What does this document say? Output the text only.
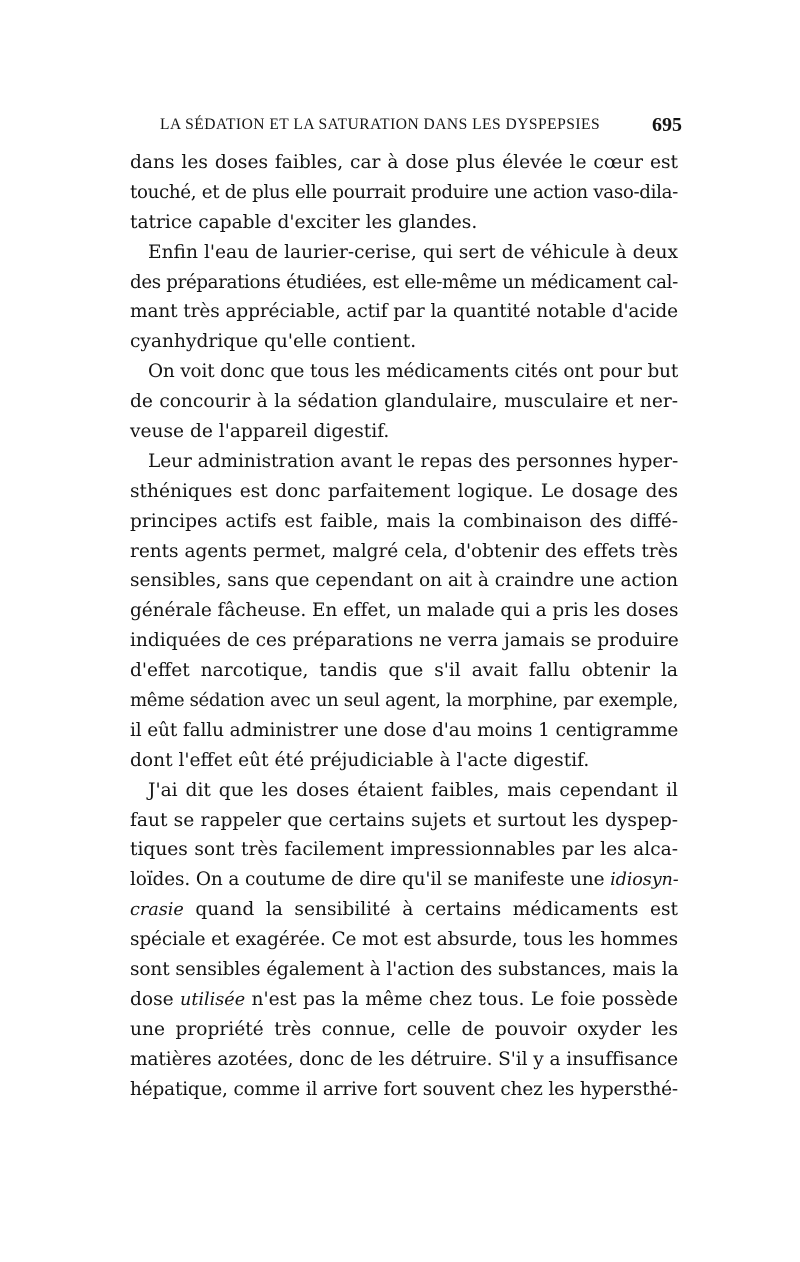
LA SÉDATION ET LA SATURATION DANS LES DYSPEPSIES	695
dans les doses faibles, car à dose plus élevée le cœur est
touché, et de plus elle pourrait produire une action vaso-dila-
tatrice capable d'exciter les glandes.
Enfin l'eau de laurier-cerise, qui sert de véhicule à deux
des préparations étudiées, est elle-même un médicament cal-
mant très appréciable, actif par la quantité notable d'acide
cyanhydrique qu'elle contient.
On voit donc que tous les médicaments cités ont pour but
de concourir à la sédation glandulaire, musculaire et ner-
veuse de l'appareil digestif.
Leur administration avant le repas des personnes hyper-
sthéniques est donc parfaitement logique. Le dosage des
principes actifs est faible, mais la combinaison des diffé-
rents agents permet, malgré cela, d'obtenir des effets très
sensibles, sans que cependant on ait à craindre une action
générale fâcheuse. En effet, un malade qui a pris les doses
indiquées de ces préparations ne verra jamais se produire
d'effet narcotique, tandis que s'il avait fallu obtenir la
même sédation avec un seul agent, la morphine, par exemple,
il eût fallu administrer une dose d'au moins 1 centigramme
dont l'effet eût été préjudiciable à l'acte digestif.
J'ai dit que les doses étaient faibles, mais cependant il
faut se rappeler que certains sujets et surtout les dyspep-
tiques sont très facilement impressionnables par les alca-
loïdes. On a coutume de dire qu'il se manifeste une idiosyn-
crasie quand la sensibilité à certains médicaments est
spéciale et exagérée. Ce mot est absurde, tous les hommes
sont sensibles également à l'action des substances, mais la
dose utilisée n'est pas la même chez tous. Le foie possède
une propriété très connue, celle de pouvoir oxyder les
matières azotées, donc de les détruire. S'il y a insuffisance
hépatique, comme il arrive fort souvent chez les hypersthé-
